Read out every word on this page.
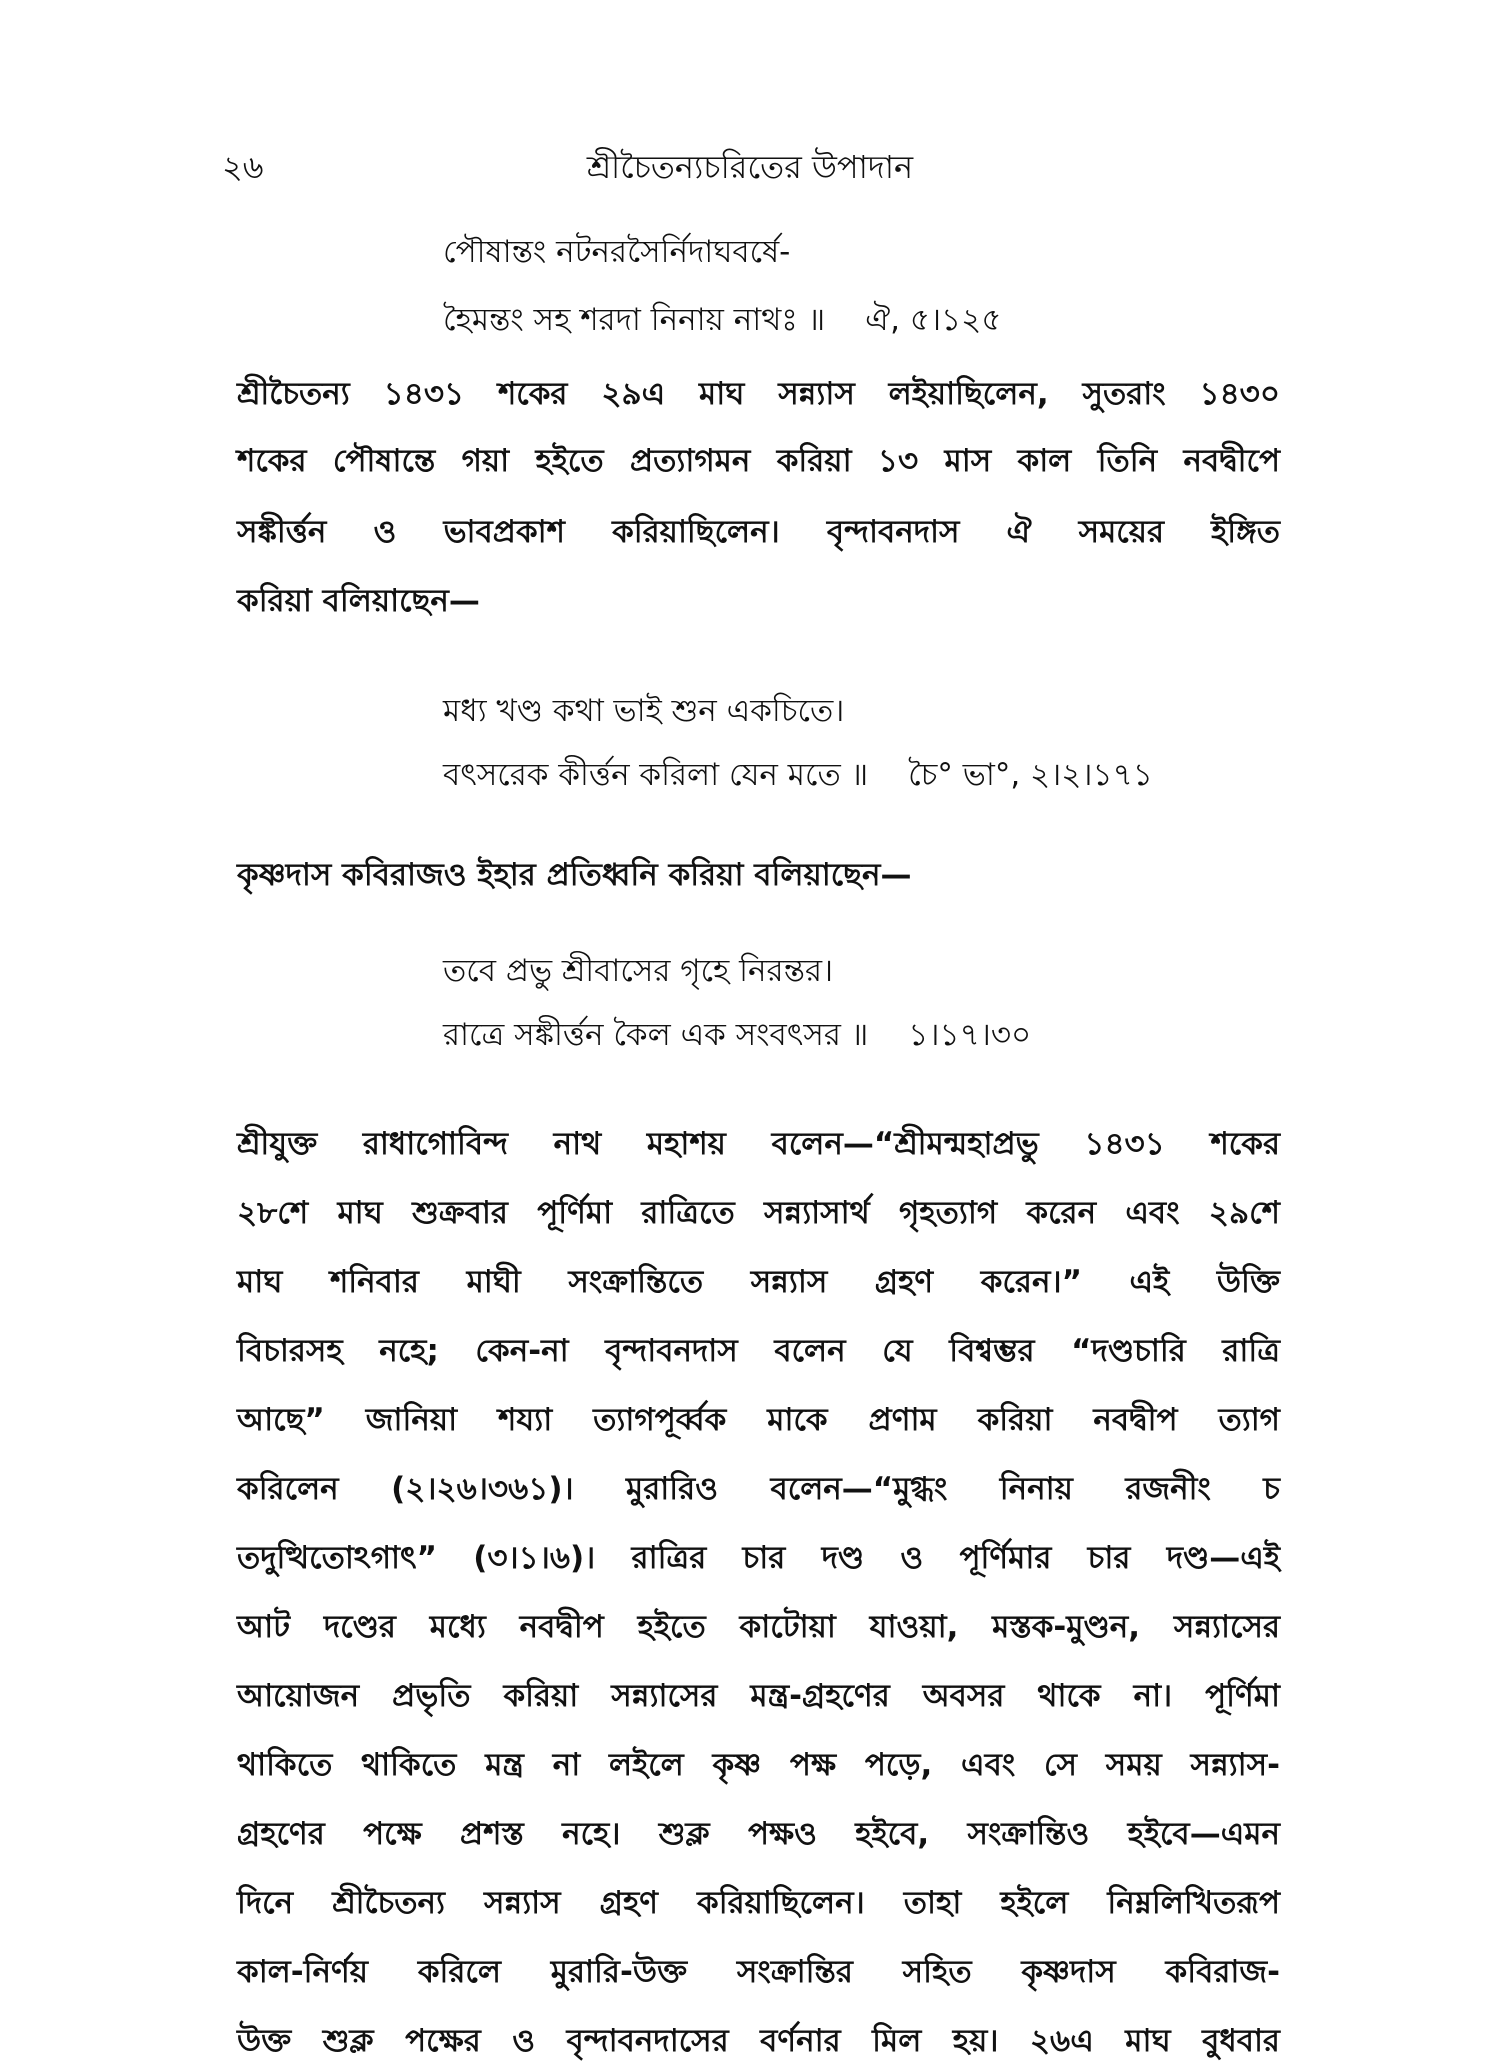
২৬	শ্রীচৈতন্যচরিতের উপাদান
পৌষান্তং নটনরসৈর্নিদাঘবর্ষে-
হৈমন্তং সহ শরদা নিনায় নাথঃ ॥ ঐ, ৫।১২৫
শ্রীচৈতন্য ১৪৩১ শকের ২৯এ মাঘ সন্ন্যাস লইয়াছিলেন, সুতরাং ১৪৩০
শকের পৌষান্তে গয়া হইতে প্রত্যাগমন করিয়া ১৩ মাস কাল তিনি নবদ্বীপে
সঙ্কীর্ত্তন ও ভাবপ্রকাশ করিয়াছিলেন। বৃন্দাবনদাস ঐ সময়ের ইঙ্গিত
করিয়া বলিয়াছেন—
মধ্য খণ্ড কথা ভাই শুন একচিতে।
বৎসরেক কীর্ত্তন করিলা যেন মতে ॥ চৈ° ভা°, ২।২।১৭১
কৃষ্ণদাস কবিরাজও ইহার প্রতিধ্বনি করিয়া বলিয়াছেন—
তবে প্রভু শ্রীবাসের গৃহে নিরন্তর।
রাত্রে সঙ্কীর্ত্তন কৈল এক সংবৎসর ॥ ১।১৭।৩০
শ্রীযুক্ত রাধাগোবিন্দ নাথ মহাশয় বলেন—“শ্রীমন্মহাপ্রভু ১৪৩১ শকের
২৮শে মাঘ শুক্রবার পূর্ণিমা রাত্রিতে সন্ন্যাসার্থ গৃহত্যাগ করেন এবং ২৯শে
মাঘ শনিবার মাঘী সংক্রান্তিতে সন্ন্যাস গ্রহণ করেন।” এই উক্তি
বিচারসহ নহে; কেন-না বৃন্দাবনদাস বলেন যে বিশ্বম্ভর “দণ্ডচারি রাত্রি
আছে” জানিয়া শয্যা ত্যাগপূর্ব্বক মাকে প্রণাম করিয়া নবদ্বীপ ত্যাগ
করিলেন (২।২৬।৩৬১)। মুরারিও বলেন—“মুগ্ধং নিনায় রজনীং চ
তদুত্থিতোঽগাৎ” (৩।১।৬)। রাত্রির চার দণ্ড ও পূর্ণিমার চার দণ্ড—এই
আট দণ্ডের মধ্যে নবদ্বীপ হইতে কাটোয়া যাওয়া, মস্তক-মুণ্ডন, সন্ন্যাসের
আয়োজন প্রভৃতি করিয়া সন্ন্যাসের মন্ত্র-গ্রহণের অবসর থাকে না। পূর্ণিমা
থাকিতে থাকিতে মন্ত্র না লইলে কৃষ্ণ পক্ষ পড়ে, এবং সে সময় সন্ন্যাস-
গ্রহণের পক্ষে প্রশস্ত নহে। শুক্ল পক্ষও হইবে, সংক্রান্তিও হইবে—এমন
দিনে শ্রীচৈতন্য সন্ন্যাস গ্রহণ করিয়াছিলেন। তাহা হইলে নিম্নলিখিতরূপ
কাল-নির্ণয় করিলে মুরারি-উক্ত সংক্রান্তির সহিত কৃষ্ণদাস কবিরাজ-
উক্ত শুক্ল পক্ষের ও বৃন্দাবনদাসের বর্ণনার মিল হয়। ২৬এ মাঘ বুধবার
